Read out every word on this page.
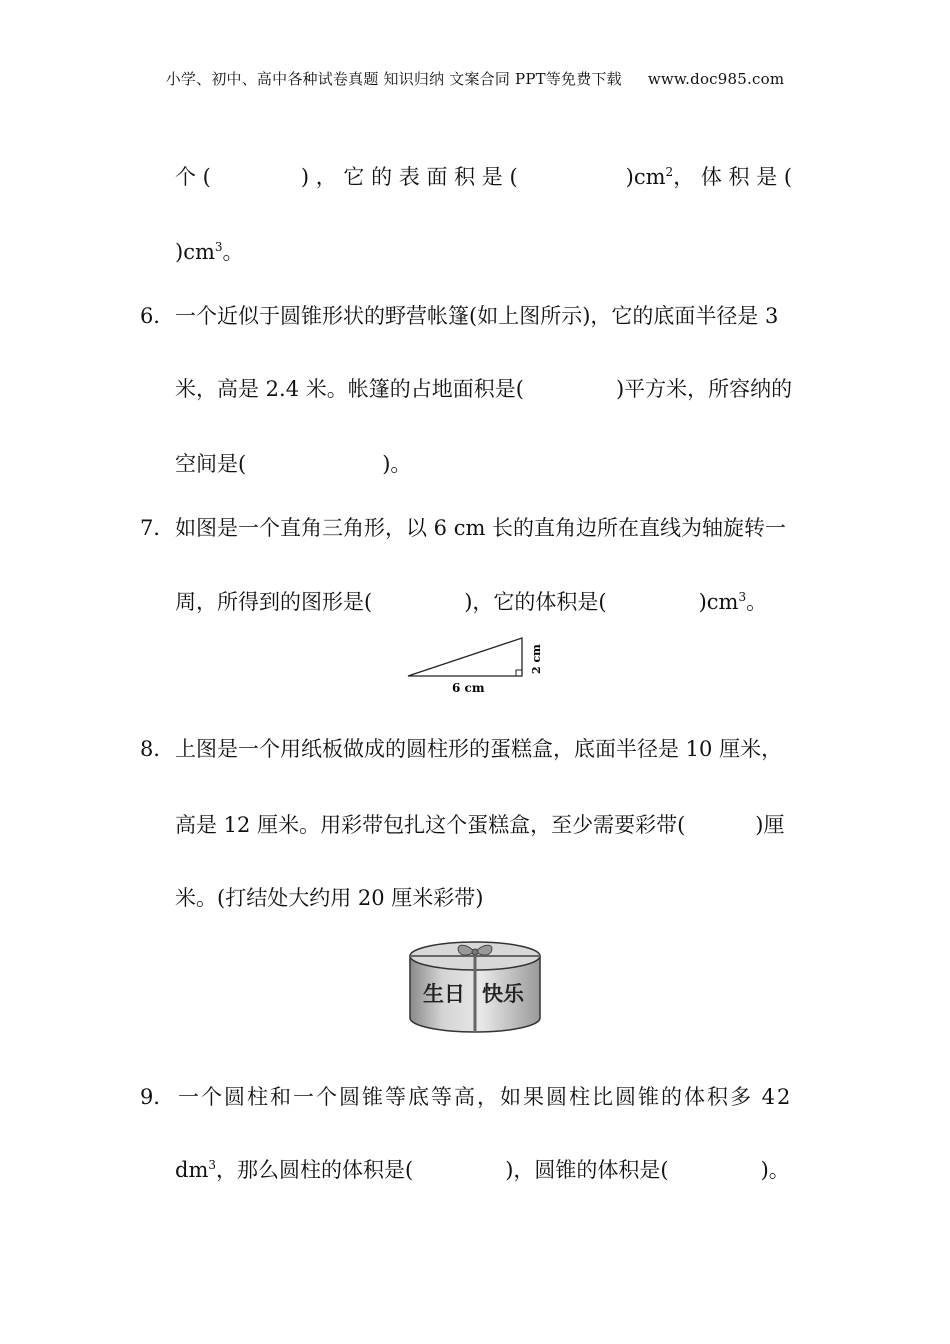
小学、初中、高中各种试卷真题 知识归纳 文案合同 PPT等免费下载 www.doc985.com
个 (	) ， 它 的 表 面 积 是 (	)$cm^2$， 体 积 是 (
)$cm^3$。
6． 一个近似于圆锥形状的野营帐篷(如上图所示)，它的底面半径是 3
米，高是 2.4 米。帐篷的占地面积是(	)平方米，所容纳的
空间是(	)。
7． 如图是一个直角三角形，以 6 cm 长的直角边所在直线为轴旋转一
周，所得到的图形是(	)，它的体积是(	)$cm^3$。
6 cm
2 cm
8． 上图是一个用纸板做成的圆柱形的蛋糕盒，底面半径是 10 厘米，
高是 12 厘米。用彩带包扎这个蛋糕盒，至少需要彩带(	)厘
米。(打结处大约用 20 厘米彩带)
生日 快乐
9． 一个圆柱和一个圆锥等底等高，如果圆柱比圆锥的体积多 42
$dm^3$，那么圆柱的体积是(	)，圆锥的体积是(	)。
